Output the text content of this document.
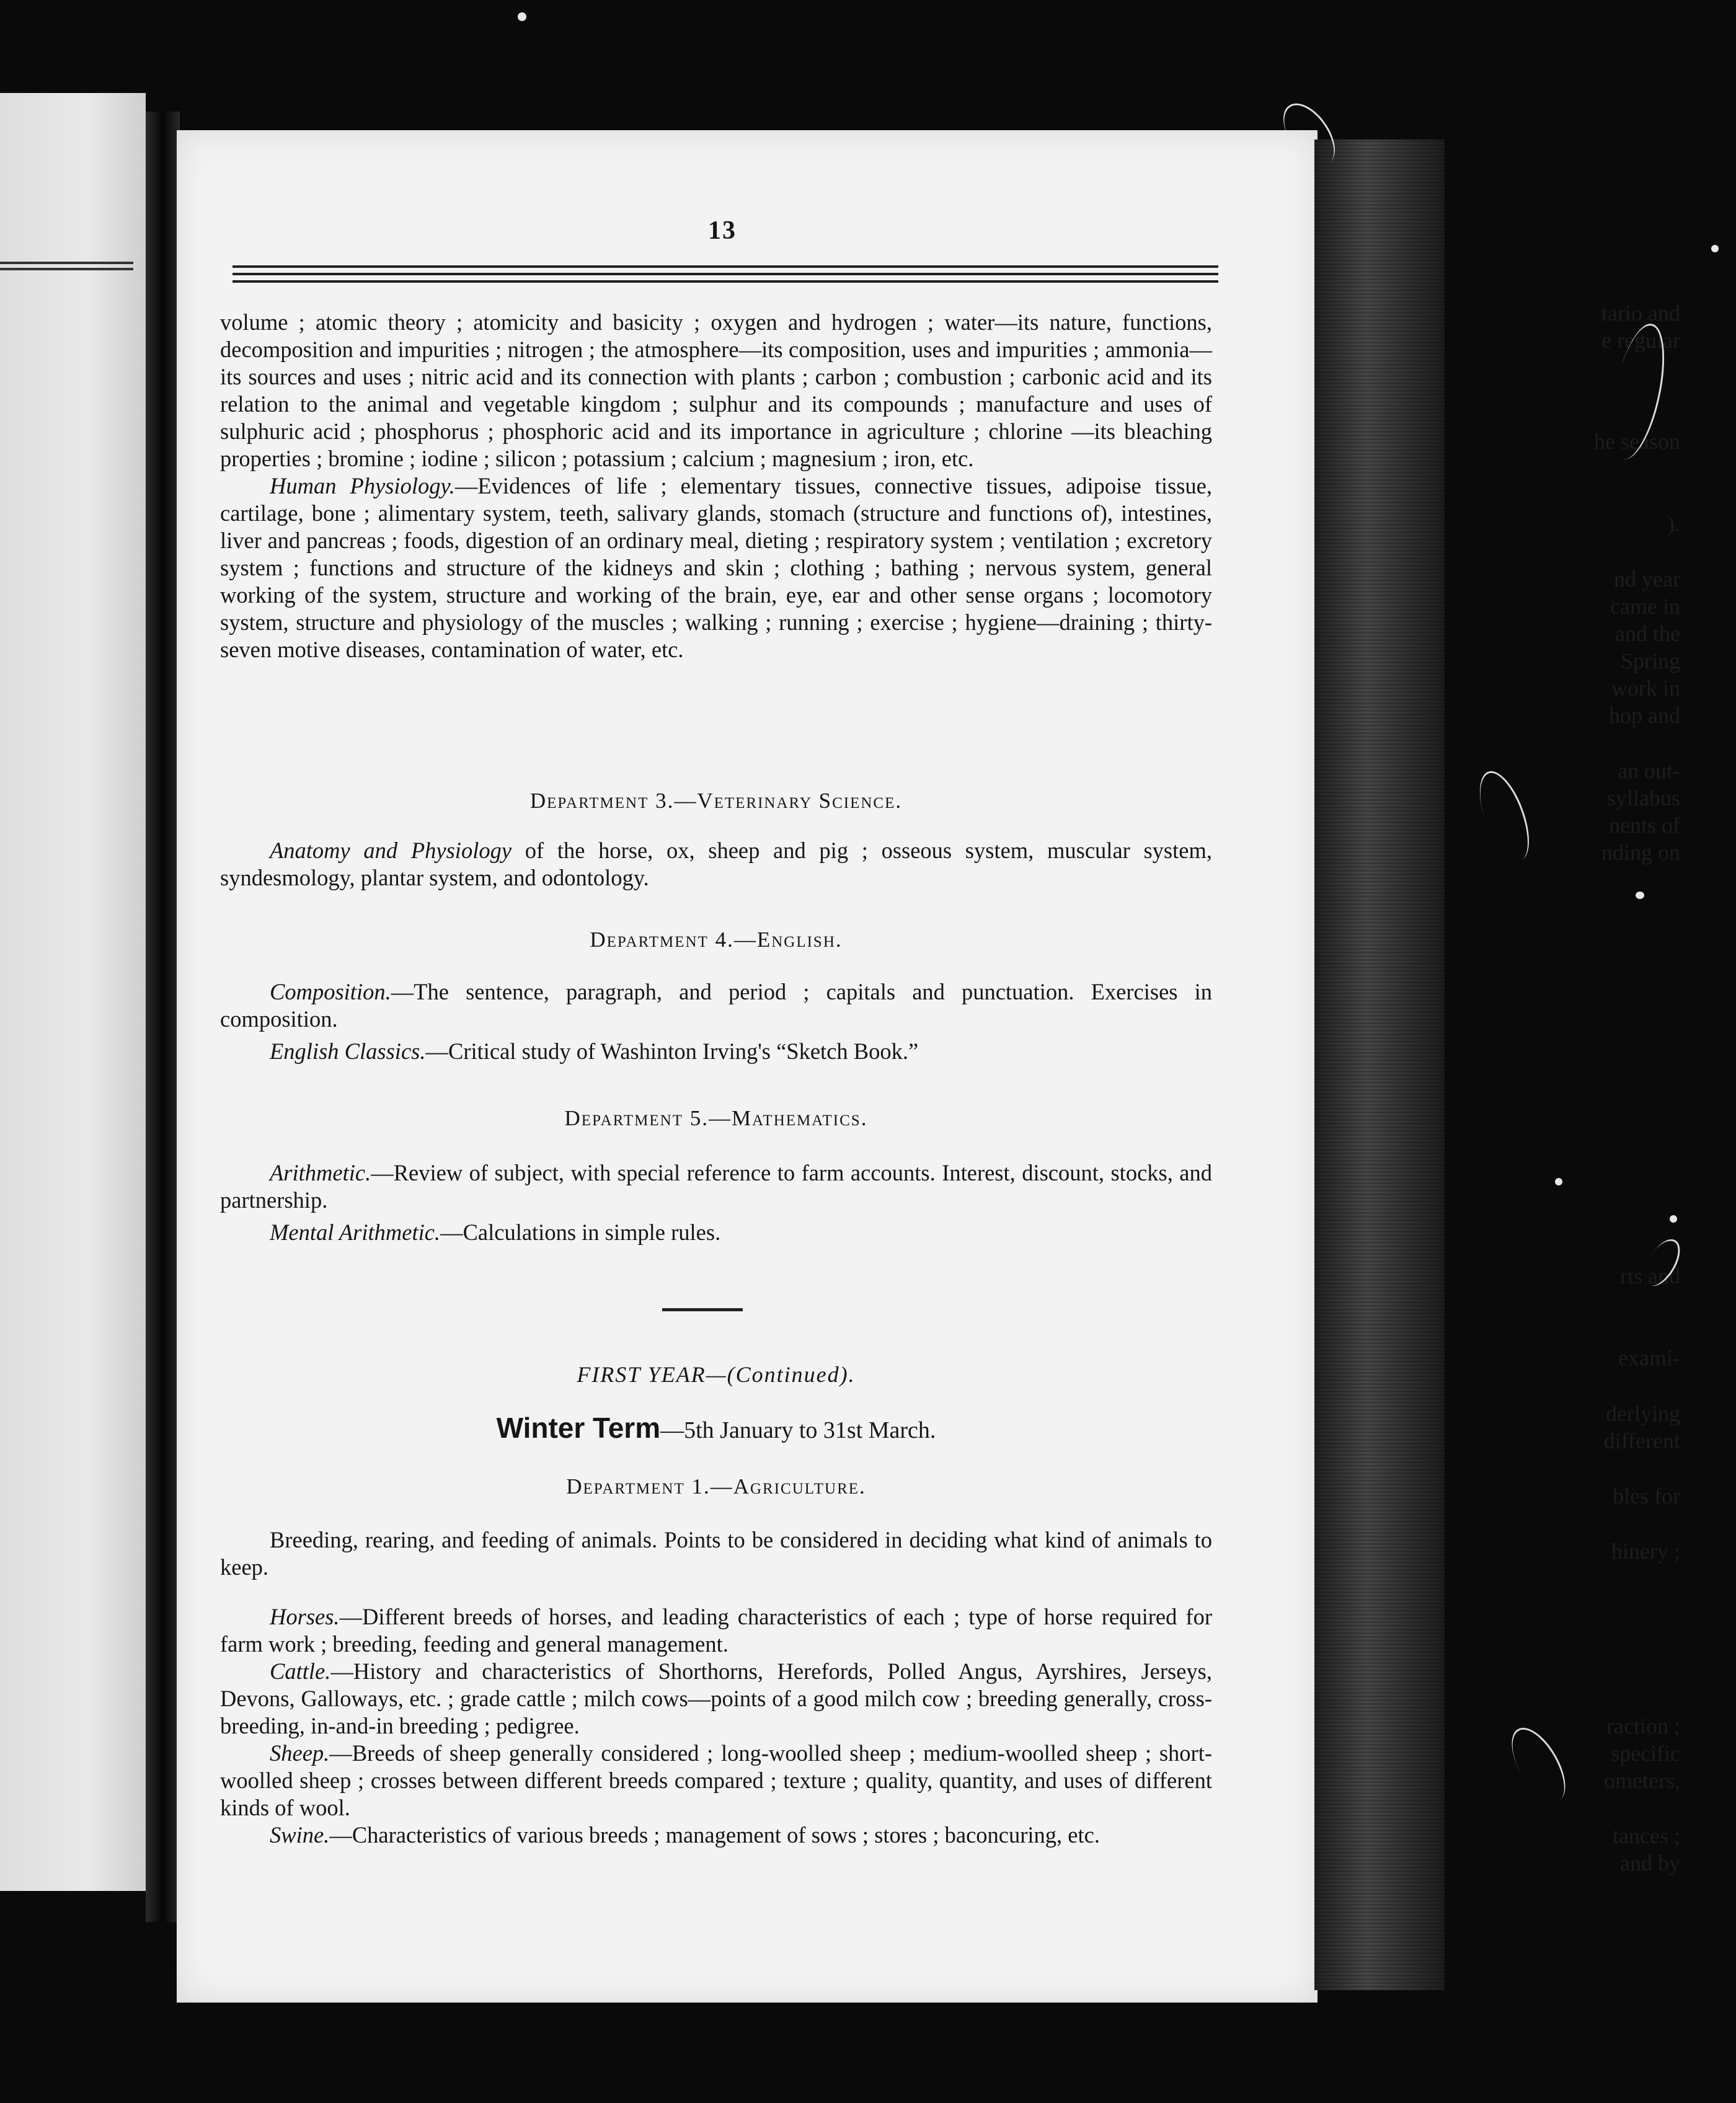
tario and
e regular
he season
).
nd year
came in
and the
Spring
work in
hop and
an out-
syllabus
nents of
nding on
rts and
exami-
derlying
different
bles for
hinery ;
raction ;
specific
ometers,
tances ;
and by
13

volume ; atomic theory ; atomicity and basicity ; oxygen and hydrogen ; water—its nature, functions, decomposition and impurities ; nitrogen ; the atmosphere—its composition, uses and impurities ; ammonia—its sources and uses ; nitric acid and its connection with plants ; carbon ; combustion ; carbonic acid and its relation to the animal and vegetable kingdom ; sulphur and its compounds ; manufacture and uses of sulphuric acid ; phosphorus ; phosphoric acid and its importance in agriculture ; chlorine —its bleaching properties ; bromine ; iodine ; silicon ; potassium ; calcium ; magnesium ; iron, etc.

Human Physiology.—Evidences of life ; elementary tissues, connective tissues, adipoise tissue, cartilage, bone ; alimentary system, teeth, salivary glands, stomach (structure and functions of), intestines, liver and pancreas ; foods, digestion of an ordinary meal, dieting ; respiratory system ; ventilation ; excretory system ; functions and structure of the kidneys and skin ; clothing ; bathing ; nervous system, general working of the system, structure and working of the brain, eye, ear and other sense organs ; locomotory system, structure and physiology of the muscles ; walking ; running ; exercise ; hygiene—draining ; thirty-seven motive diseases, contamination of water, etc.

Department 3.—Veterinary Science.

Anatomy and Physiology of the horse, ox, sheep and pig ; osseous system, muscular system, syndesmology, plantar system, and odontology.

Department 4.—English.

Composition.—The sentence, paragraph, and period ; capitals and punctuation. Exercises in composition.

English Classics.—Critical study of Washinton Irving's “Sketch Book.”

Department 5.—Mathematics.

Arithmetic.—Review of subject, with special reference to farm accounts. Interest, discount, stocks, and partnership.

Mental Arithmetic.—Calculations in simple rules.

FIRST YEAR—(Continued).
Winter Term—5th January to 31st March.
Department 1.—Agriculture.

Breeding, rearing, and feeding of animals. Points to be considered in deciding what kind of animals to keep.

Horses.—Different breeds of horses, and leading characteristics of each ; type of horse required for farm work ; breeding, feeding and general management.

Cattle.—History and characteristics of Shorthorns, Herefords, Polled Angus, Ayrshires, Jerseys, Devons, Galloways, etc. ; grade cattle ; milch cows—points of a good milch cow ; breeding generally, cross-breeding, in-and-in breeding ; pedigree.

Sheep.—Breeds of sheep generally considered ; long-woolled sheep ; medium-woolled sheep ; short-woolled sheep ; crosses between different breeds compared ; texture ; quality, quantity, and uses of different kinds of wool.

Swine.—Characteristics of various breeds ; management of sows ; stores ; baconcuring, etc.
